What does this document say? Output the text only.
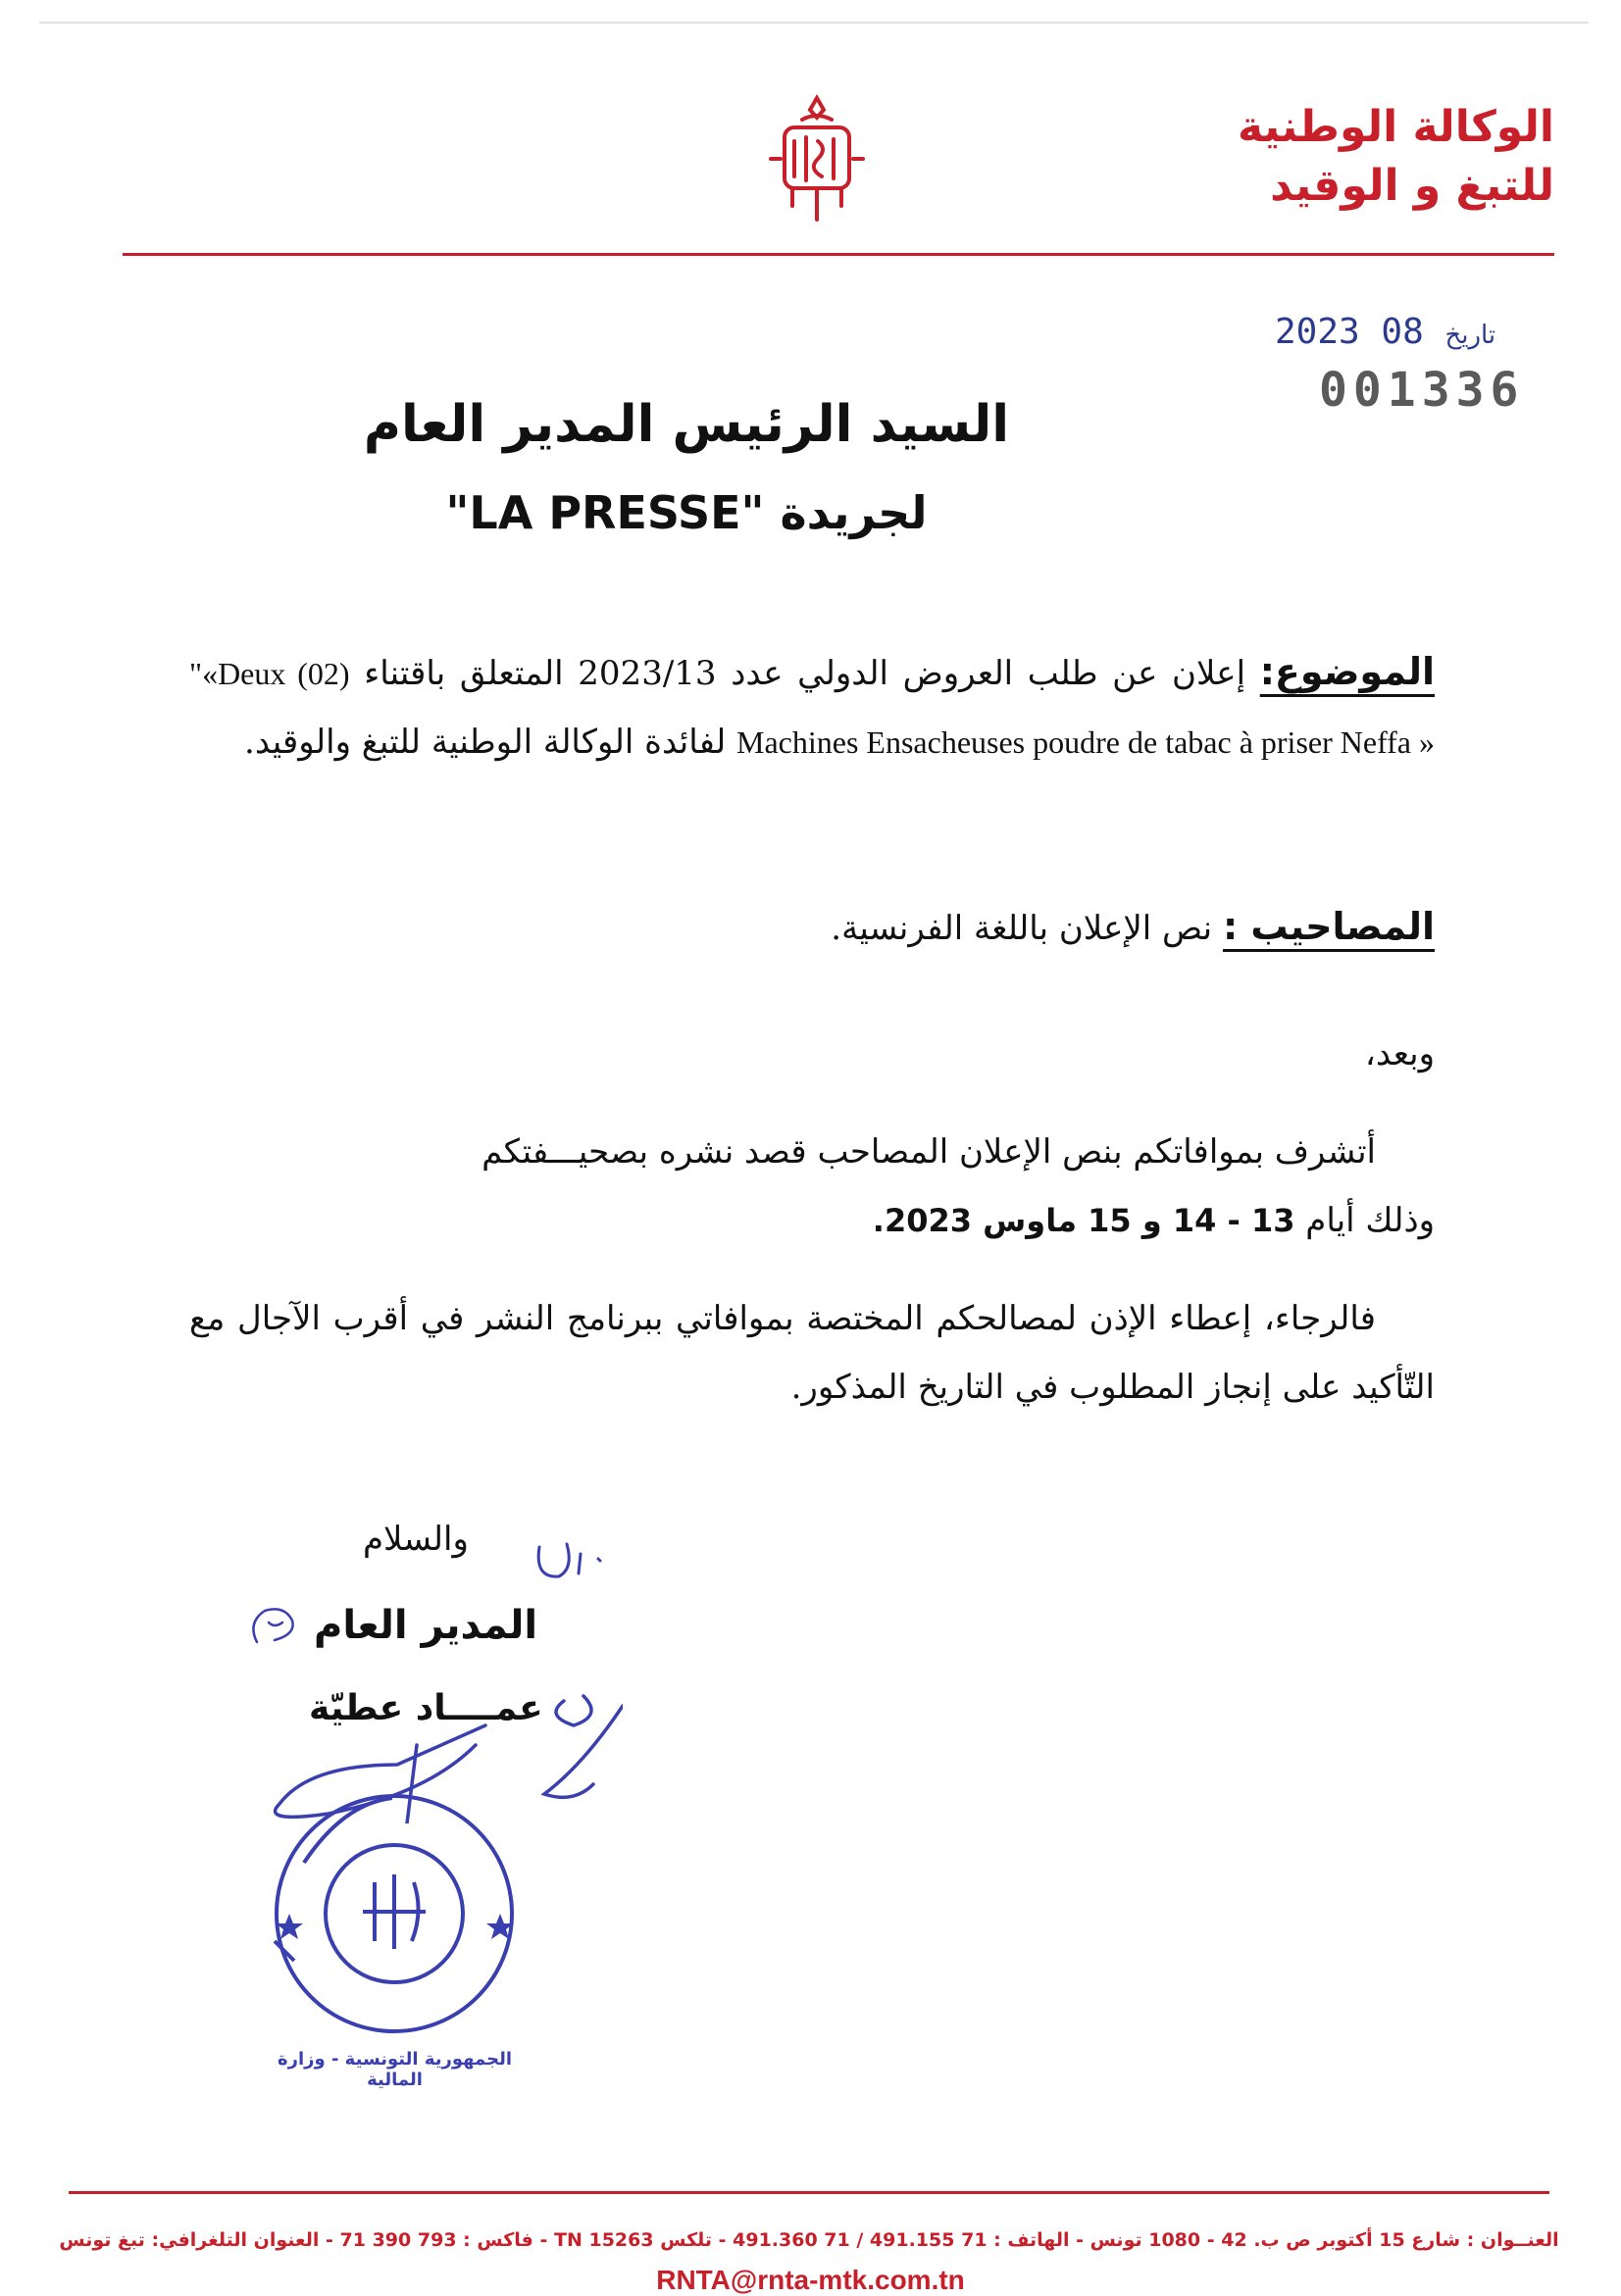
الوكالة الوطنية
للتبغ و الوقيد
2023	تاريخ 08
001336
السيد الرئيس المدير العام
لجريدة "LA PRESSE"
الموضوع: إعلان عن طلب العروض الدولي عدد 2023/13 المتعلق باقتناء "«Deux (02) Machines Ensacheuses poudre de tabac à priser Neffa » لفائدة الوكالة الوطنية للتبغ والوقيد.
المصاحيب : نص الإعلان باللغة الفرنسية.
وبعد،
أتشرف بموافاتكم بنص الإعلان المصاحب قصد نشره بصحيـــفتكم
وذلك أيام 13 - 14 و 15 ماوس 2023.
فالرجاء، إعطاء الإذن لمصالحكم المختصة بموافاتي ببرنامج النشر في أقرب الآجال مع التّأكيد على إنجاز المطلوب في التاريخ المذكور.
والسلام
المدير العام
عمــــاد عطيّة
الجمهورية التونسية - وزارة المالية
العنــوان : شارع 15 أكتوبر ص ب. 42 - 1080 تونس - الهاتف : 71 491.155 / 71 491.360 - تلكس 15263 TN - فاكس : 793 390 71 - العنوان التلغرافي: تبغ تونس
RNTA@rnta-mtk.com.tn
